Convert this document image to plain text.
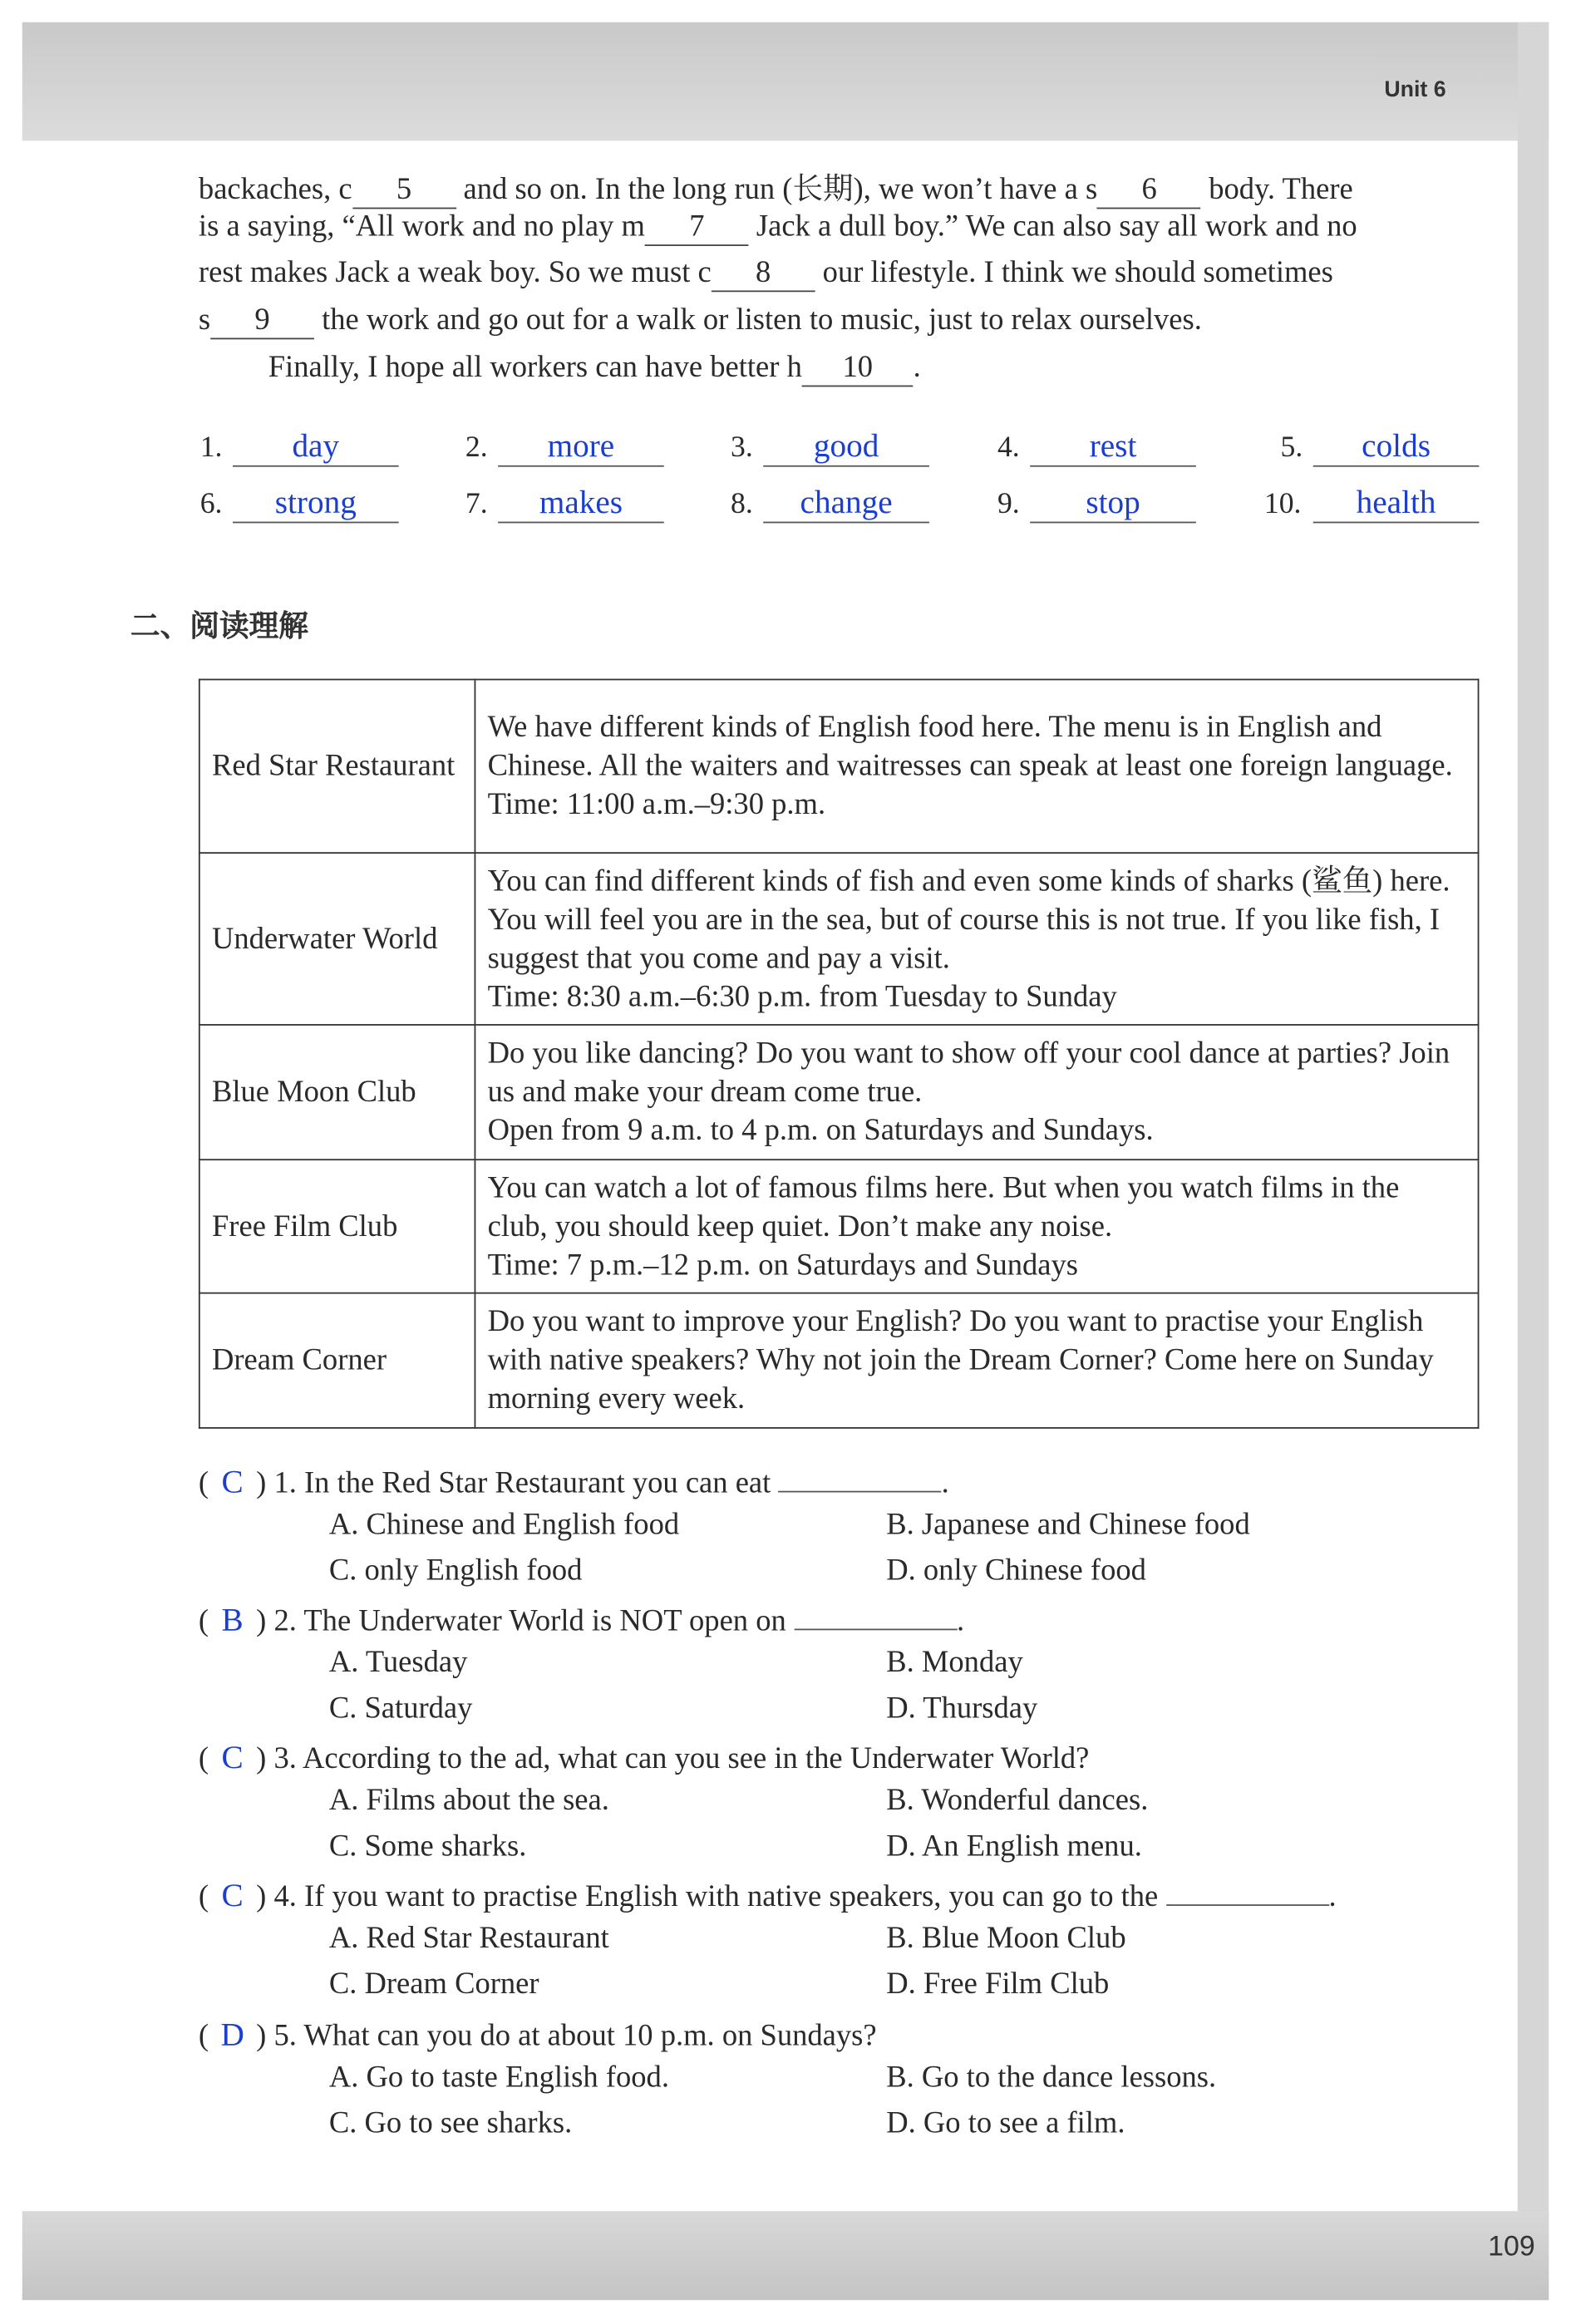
Unit 6
109
backaches, c	5	and so on. In the long run (长期), we won’t have a s	6	body. There
is a saying, “All work and no play m	7	Jack a dull boy.” We can also say all work and no
rest makes Jack a weak boy. So we must c	8	our lifestyle. I think we should sometimes
s	9	the work and go out for a walk or listen to music, just to relax ourselves.
Finally, I hope all workers can have better h 10 .
1.	day	2.	more	3.	good	4.	rest	5.	colds
6.	strong	7.	makes	8.	change	9.	stop	10.	health
二、阅读理解
Red Star Restaurant	We have different kinds of English food here. The menu is in English and Chinese. All the waiters and waitresses can speak at least one foreign language.
Time: 11:00 a.m.–9:30 p.m.

Underwater World	You can find different kinds of fish and even some kinds of sharks (鲨鱼) here. You will feel you are in the sea, but of course this is not true. If you like fish, I suggest that you come and pay a visit.
Time: 8:30 a.m.–6:30 p.m. from Tuesday to Sunday

Blue Moon Club	Do you like dancing? Do you want to show off your cool dance at parties? Join us and make your dream come true.
Open from 9 a.m. to 4 p.m. on Saturdays and Sundays.

Free Film Club	You can watch a lot of famous films here. But when you watch films in the club, you should keep quiet. Don’t make any noise.
Time: 7 p.m.–12 p.m. on Saturdays and Sundays

Dream Corner	Do you want to improve your English? Do you want to practise your English with native speakers? Why not join the Dream Corner? Come here on Sunday morning every week.
( C ) 1. In the Red Star Restaurant you can eat	.
A. Chinese and English food	B. Japanese and Chinese food
C. only English food	D. only Chinese food
( B ) 2. The Underwater World is NOT open on	.
A. Tuesday	B. Monday
C. Saturday	D. Thursday
( C ) 3. According to the ad, what can you see in the Underwater World?
A. Films about the sea.	B. Wonderful dances.
C. Some sharks.	D. An English menu.
( C ) 4. If you want to practise English with native speakers, you can go to the	.
A. Red Star Restaurant	B. Blue Moon Club
C. Dream Corner	D. Free Film Club
( D ) 5. What can you do at about 10 p.m. on Sundays?
A. Go to taste English food.	B. Go to the dance lessons.
C. Go to see sharks.	D. Go to see a film.
